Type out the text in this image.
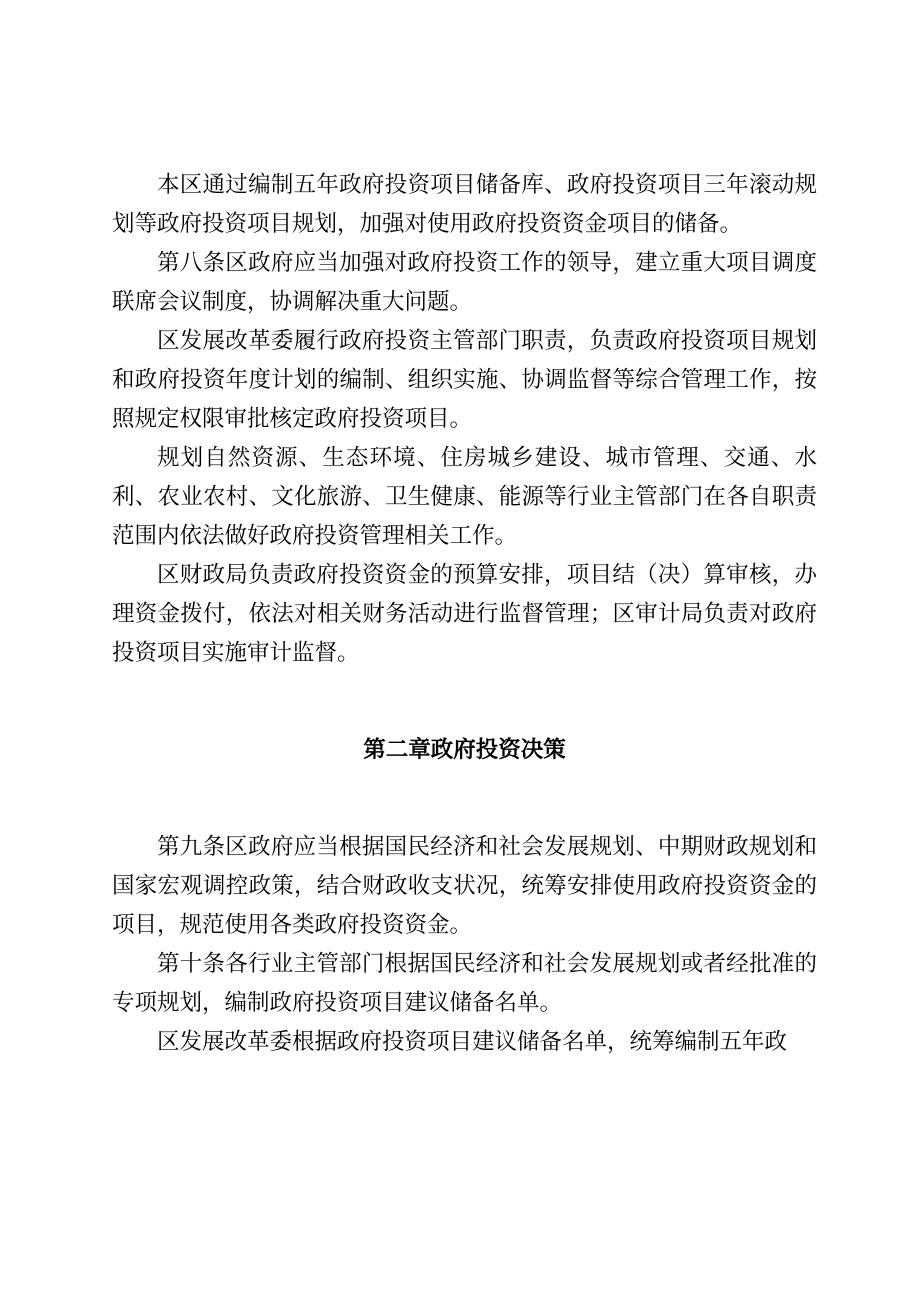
本区通过编制五年政府投资项目储备库、政府投资项目三年滚动规划等政府投资项目规划，加强对使用政府投资资金项目的储备。

第八条区政府应当加强对政府投资工作的领导，建立重大项目调度联席会议制度，协调解决重大问题。

区发展改革委履行政府投资主管部门职责，负责政府投资项目规划和政府投资年度计划的编制、组织实施、协调监督等综合管理工作，按照规定权限审批核定政府投资项目。

规划自然资源、生态环境、住房城乡建设、城市管理、交通、水利、农业农村、文化旅游、卫生健康、能源等行业主管部门在各自职责范围内依法做好政府投资管理相关工作。

区财政局负责政府投资资金的预算安排，项目结（决）算审核，办理资金拨付，依法对相关财务活动进行监督管理；区审计局负责对政府投资项目实施审计监督。

第二章政府投资决策

第九条区政府应当根据国民经济和社会发展规划、中期财政规划和国家宏观调控政策，结合财政收支状况，统筹安排使用政府投资资金的项目，规范使用各类政府投资资金。

第十条各行业主管部门根据国民经济和社会发展规划或者经批准的专项规划，编制政府投资项目建议储备名单。

区发展改革委根据政府投资项目建议储备名单，统筹编制五年政
